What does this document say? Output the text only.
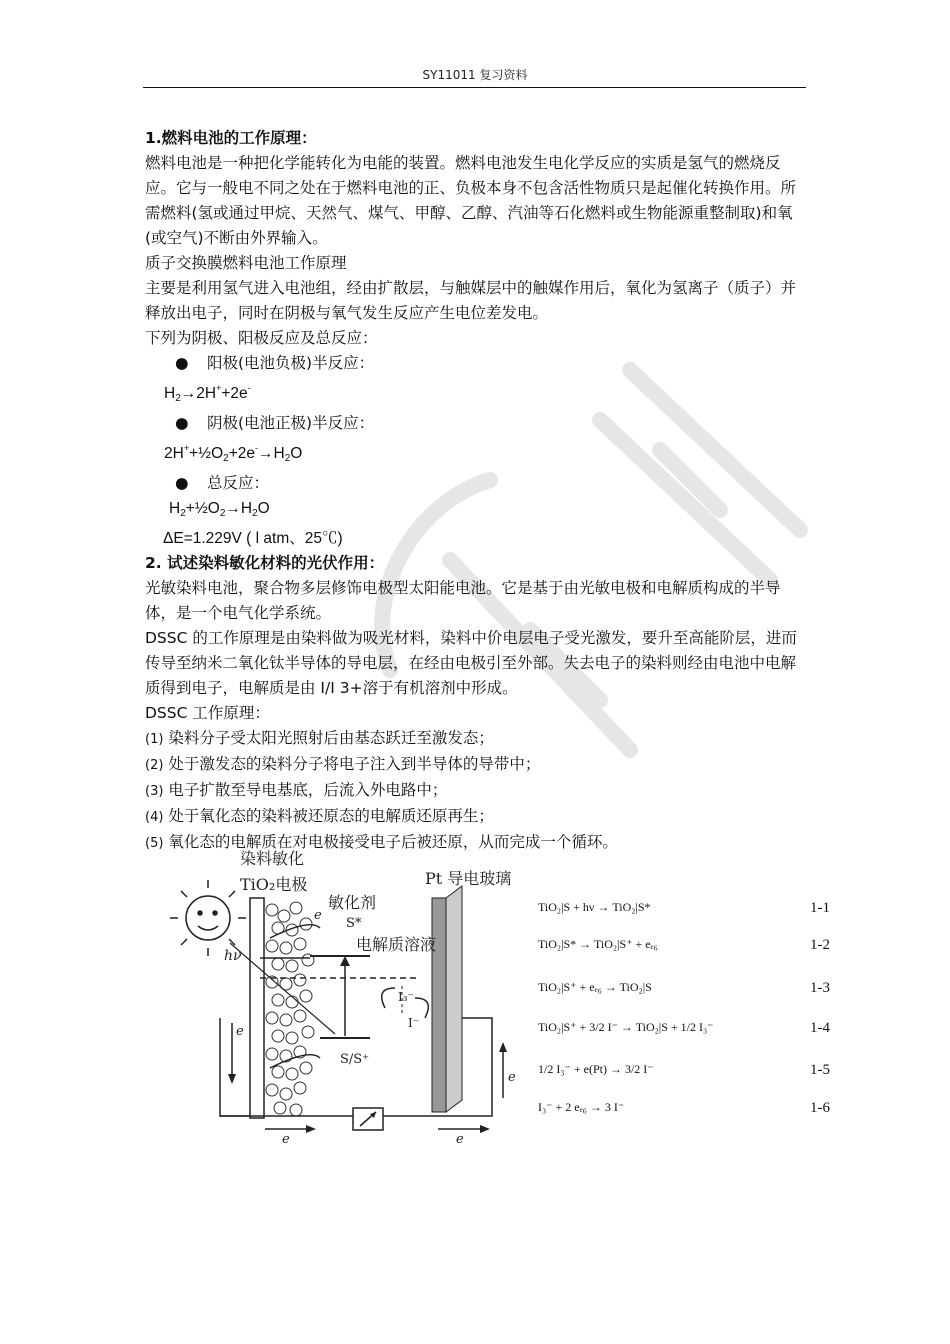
SY11011 复习资料

1.燃料电池的工作原理：

燃料电池是一种把化学能转化为电能的装置。燃料电池发生电化学反应的实质是氢气的燃烧反应。它与一般电不同之处在于燃料电池的正、负极本身不包含活性物质只是起催化转换作用。所需燃料(氢或通过甲烷、天然气、煤气、甲醇、乙醇、汽油等石化燃料或生物能源重整制取)和氧(或空气)不断由外界输入。

质子交换膜燃料电池工作原理

主要是利用氢气进入电池组，经由扩散层，与触媒层中的触媒作用后，氧化为氢离子（质子）并释放出电子，同时在阴极与氧气发生反应产生电位差发电。

下列为阴极、阳极反应及总反应：

● 阳极(电池负极)半反应：

$H_2\to 2H^++2e^-$

● 阴极(电池正极)半反应：

$2H^++\frac{1}{2}O_2+2e^-\to H_2O$

● 总反应：

$H_2+\frac{1}{2}O_2\to H_2O$

ΔE=1.229V ( l atm、25℃)

2. 试述染料敏化材料的光伏作用：

光敏染料电池，聚合物多层修饰电极型太阳能电池。它是基于由光敏电极和电解质构成的半导体，是一个电气化学系统。

DSSC 的工作原理是由染料做为吸光材料，染料中价电层电子受光激发，要升至高能阶层，进而传导至纳米二氧化钛半导体的导电层，在经由电极引至外部。失去电子的染料则经由电池中电解质得到电子，电解质是由 I/I 3+溶于有机溶剂中形成。

DSSC 工作原理：

(1) 染料分子受太阳光照射后由基态跃迁至激发态；

(2) 处于激发态的染料分子将电子注入到半导体的导带中；

(3) 电子扩散至导电基底，后流入外电路中；

(4) 处于氧化态的染料被还原态的电解质还原再生；

(5) 氧化态的电解质在对电极接受电子后被还原，从而完成一个循环。

染料敏化
TiO₂电极	Pt 导电玻璃
敏化剂
电解质溶液
hν
S*
S/S⁺
I₃⁻
I⁻
e
e
e	e
e
TiO₂|S + hν → TiO₂|S*	1-1
TiO₂|S* → TiO₂|S⁺ + eₑ₆	1-2
TiO₂|S⁺ + eₑ₆ → TiO₂|S	1-3
TiO₂|S⁺ + 3/2 I⁻ → TiO₂|S + 1/2 I₃⁻	1-4
1/2 I₃⁻ + e(Pt) → 3/2 I⁻	1-5
I₃⁻ + 2 eₑ₆ → 3 I⁻	1-6
